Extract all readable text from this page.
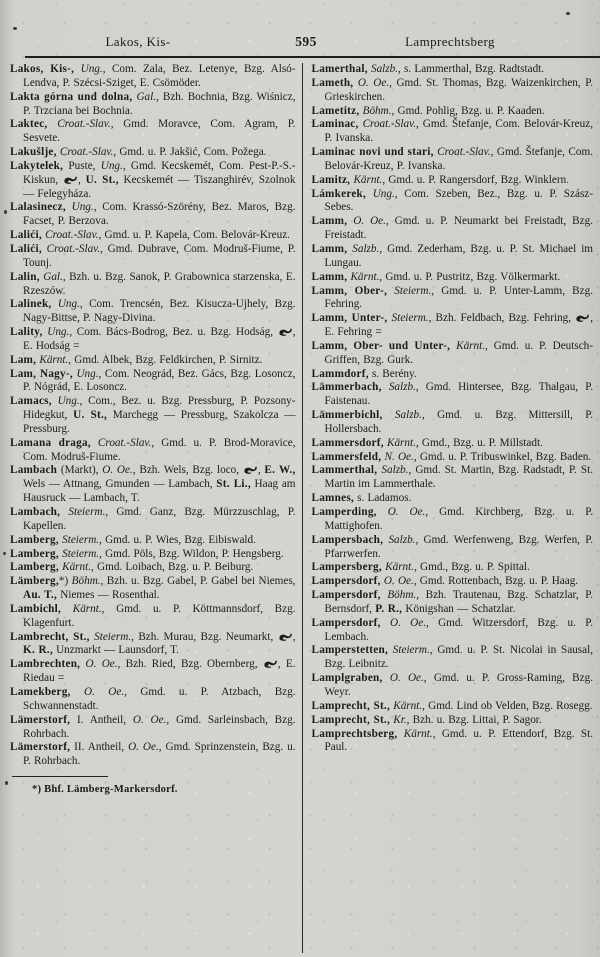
Lakos, Kis-	595	Lamprechtsberg

Lakos, Kis-, Ung., Com. Zala, Bez. Letenye, Bzg. Alsó-Lendva, P. Szécsi-Sziget, E. Csömöder.

Lakta górna und dolna, Gal., Bzh. Bochnia, Bzg. Wiśnicz, P. Trzciana bei Bochnia.

Laktec, Croat.-Slav., Gmd. Moravce, Com. Agram, P. Sesvete.

Lakušlje, Croat.-Slav., Gmd. u. P. Jakšić, Com. Požega.

Lakytelek, Puste, Ung., Gmd. Kecskemét, Com. Pest-P.-S.-Kiskun, , U. St., Kecskemét — Tiszanghirév, Szolnok — Felegyháza.

Lalasinecz, Ung., Com. Krassó-Szörény, Bez. Maros, Bzg. Facset, P. Berzova.

Lalići, Croat.-Slav., Gmd. u. P. Kapela, Com. Belovár-Kreuz.

Lalići, Croat.-Slav., Gmd. Dubrave, Com. Modruš-Fiume, P. Tounj.

Lalin, Gal., Bzh. u. Bzg. Sanok, P. Grabownica starzenska, E. Rzeszów.

Lalinek, Ung., Com. Trencsén, Bez. Kisucza-Ujhely, Bzg. Nagy-Bittse, P. Nagy-Divina.

Lality, Ung., Com. Bács-Bodrog, Bez. u. Bzg. Hodság, , E. Hodság =

Lam, Kärnt., Gmd. Albek, Bzg. Feldkirchen, P. Sirnitz.

Lam, Nagy-, Ung., Com. Neográd, Bez. Gács, Bzg. Losoncz, P. Nógrád, E. Losoncz.

Lamacs, Ung., Com., Bez. u. Bzg. Pressburg, P. Pozsony-Hidegkut, U. St., Marchegg — Pressburg, Szakolcza — Pressburg.

Lamana draga, Croat.-Slav., Gmd. u. P. Brod-Moravice, Com. Modruš-Fiume.

Lambach (Markt), O. Oe., Bzh. Wels, Bzg. loco, , E. W., Wels — Attnang, Gmunden — Lambach, St. Li., Haag am Hausruck — Lambach, T.

Lambach, Steierm., Gmd. Ganz, Bzg. Mürzzuschlag, P. Kapellen.

Lamberg, Steierm., Gmd. u. P. Wies, Bzg. Eibiswald.

Lamberg, Steierm., Gmd. Pöls, Bzg. Wildon, P. Hengsberg.

Lamberg, Kärnt., Gmd. Loibach, Bzg. u. P. Beiburg.

Lämberg,*) Böhm., Bzh. u. Bzg. Gabel, P. Gabel bei Niemes, Au. T., Niemes — Rosenthal.

Lambichl, Kärnt., Gmd. u. P. Köttmannsdorf, Bzg. Klagenfurt.

Lambrecht, St., Steierm., Bzh. Murau, Bzg. Neumarkt, , K. R., Unzmarkt — Launsdorf, T.

Lambrechten, O. Oe., Bzh. Ried, Bzg. Obernberg, , E. Riedau =

Lamekberg, O. Oe., Gmd. u. P. Atzbach, Bzg. Schwannenstadt.

Lämerstorf, I. Antheil, O. Oe., Gmd. Sarleinsbach, Bzg. Rohrbach.

Lämerstorf, II. Antheil, O. Oe., Gmd. Sprinzenstein, Bzg. u. P. Rohrbach.

*) Bhf. Lämberg-Markersdorf.

Lamerthal, Salzb., s. Lammerthal, Bzg. Radtstadt.

Lameth, O. Oe., Gmd. St. Thomas, Bzg. Waizenkirchen, P. Grieskirchen.

Lametitz, Böhm., Gmd. Pohlig, Bzg. u. P. Kaaden.

Laminac, Croat.-Slav., Gmd. Štefanje, Com. Belovár-Kreuz, P. Ivanska.

Laminac novi und stari, Croat.-Slav., Gmd. Štefanje, Com. Belovár-Kreuz, P. Ivanska.

Lamitz, Kärnt., Gmd. u. P. Rangersdorf, Bzg. Winklern.

Lámkerek, Ung., Com. Szeben, Bez., Bzg. u. P. Szász-Sebes.

Lamm, O. Oe., Gmd. u. P. Neumarkt bei Freistadt, Bzg. Freistadt.

Lamm, Salzb., Gmd. Zederham, Bzg. u. P. St. Michael im Lungau.

Lamm, Kärnt., Gmd. u. P. Pustritz, Bzg. Völkermarkt.

Lamm, Ober-, Steierm., Gmd. u. P. Unter-Lamm, Bzg. Fehring.

Lamm, Unter-, Steierm., Bzh. Feldbach, Bzg. Fehring, , E. Fehring =

Lamm, Ober- und Unter-, Kärnt., Gmd. u. P. Deutsch-Griffen, Bzg. Gurk.

Lammdorf, s. Berény.

Lämmerbach, Salzb., Gmd. Hintersee, Bzg. Thalgau, P. Faistenau.

Lämmerbichl, Salzb., Gmd. u. Bzg. Mittersill, P. Hollersbach.

Lammersdorf, Kärnt., Gmd., Bzg. u. P. Millstadt.

Lammersfeld, N. Oe., Gmd. u. P. Tribuswinkel, Bzg. Baden.

Lammerthal, Salzb., Gmd. St. Martin, Bzg. Radstadt, P. St. Martin im Lammerthale.

Lamnes, s. Ladamos.

Lamperding, O. Oe., Gmd. Kirchberg, Bzg. u. P. Mattighofen.

Lampersbach, Salzb., Gmd. Werfenweng, Bzg. Werfen, P. Pfarrwerfen.

Lampersberg, Kärnt., Gmd., Bzg. u. P. Spittal.

Lampersdorf, O. Oe., Gmd. Rottenbach, Bzg. u. P. Haag.

Lampersdorf, Böhm., Bzh. Trautenau, Bzg. Schatzlar, P. Bernsdorf, P. R., Königshan — Schatzlar.

Lampersdorf, O. Oe., Gmd. Witzersdorf, Bzg. u. P. Lembach.

Lamperstetten, Steierm., Gmd. u. P. St. Nicolai in Sausal, Bzg. Leibnitz.

Lamplgraben, O. Oe., Gmd. u. P. Gross-Raming, Bzg. Weyr.

Lamprecht, St., Kärnt., Gmd. Lind ob Velden, Bzg. Rosegg.

Lamprecht, St., Kr., Bzh. u. Bzg. Littai, P. Sagor.

Lamprechtsberg, Kärnt., Gmd. u. P. Ettendorf, Bzg. St. Paul.
